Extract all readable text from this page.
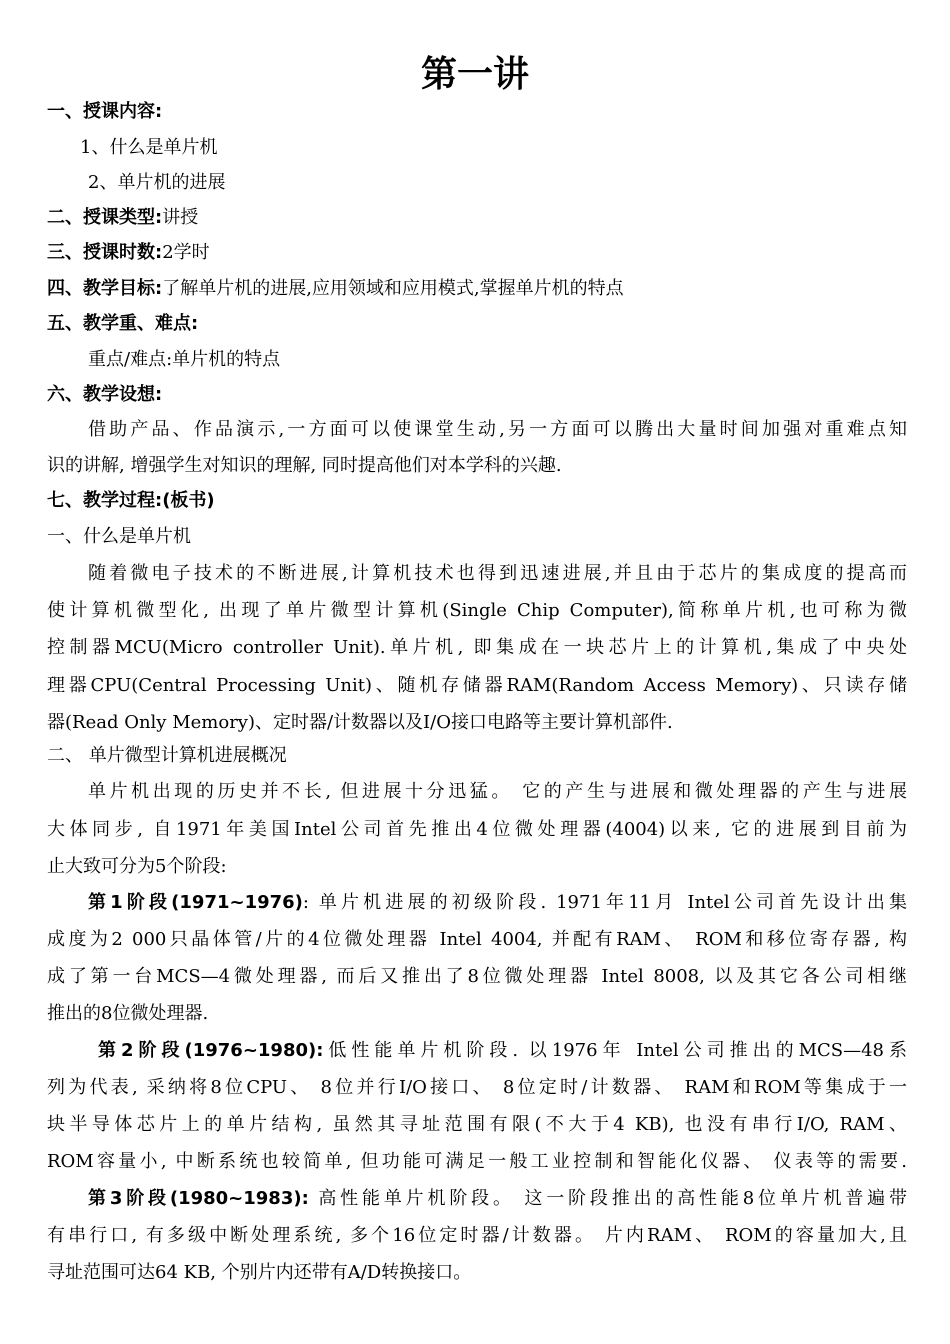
第一讲
一、授课内容:
1、什么是单片机
2、单片机的进展
二、授课类型:讲授
三、授课时数:2学时
四、教学目标:了解单片机的进展,应用领域和应用模式,掌握单片机的特点
五、教学重、难点:
重点/难点:单片机的特点
六、教学设想:
借助产品、作品演示,一方面可以使课堂生动,另一方面可以腾出大量时间加强对重难点知
识的讲解, 增强学生对知识的理解, 同时提高他们对本学科的兴趣.
七、教学过程:(板书)
一、什么是单片机
随着微电子技术的不断进展,计算机技术也得到迅速进展,并且由于芯片的集成度的提高而
使计算机微型化, 出现了单片微型计算机(Single Chip Computer),简称单片机,也可称为微
控制器MCU(Micro controller Unit).单片机, 即集成在一块芯片上的计算机,集成了中央处
理器CPU(Central Processing Unit)、随机存储器RAM(Random Access Memory)、只读存储
器(Read Only Memory)、定时器/计数器以及I/O接口电路等主要计算机部件.
二、 单片微型计算机进展概况
单片机出现的历史并不长, 但进展十分迅猛。 它的产生与进展和微处理器的产生与进展
大体同步, 自1971年美国Intel公司首先推出4位微处理器(4004)以来, 它的进展到目前为
止大致可分为5个阶段:
第1阶段(1971~1976): 单片机进展的初级阶段. 1971年11月 Intel公司首先设计出集
成度为2 000只晶体管/片的4位微处理器 Intel 4004, 并配有RAM、 ROM和移位寄存器, 构
成了第一台MCS—4微处理器, 而后又推出了8位微处理器 Intel 8008, 以及其它各公司相继
推出的8位微处理器.
第2阶段(1976~1980):低性能单片机阶段. 以1976年 Intel公司推出的MCS—48系
列为代表, 采纳将8位CPU、 8位并行I/O接口、 8位定时/计数器、 RAM和ROM等集成于一
块半导体芯片上的单片结构, 虽然其寻址范围有限(不大于4 KB), 也没有串行I/O, RAM、
ROM容量小, 中断系统也较简单, 但功能可满足一般工业控制和智能化仪器、 仪表等的需要.
第3阶段(1980~1983): 高性能单片机阶段。 这一阶段推出的高性能8位单片机普遍带
有串行口, 有多级中断处理系统, 多个16位定时器/计数器。 片内RAM、 ROM的容量加大,且
寻址范围可达64 KB, 个别片内还带有A/D转换接口。
